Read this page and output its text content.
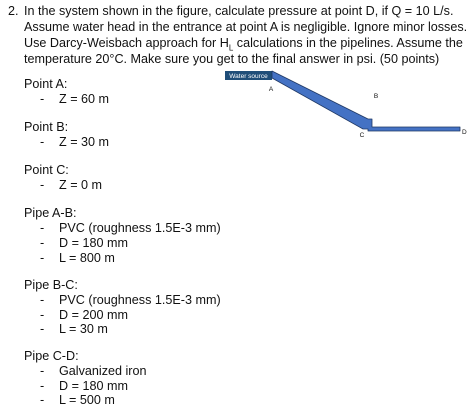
2. In the system shown in the figure, calculate pressure at point D, if Q = 10 L/s. Assume water head in the entrance at point A is negligible. Ignore minor losses. Use Darcy-Weisbach approach for $H_L$ calculations in the pipelines. Assume the temperature 20°C. Make sure you get to the final answer in psi. (50 points)
Point A:
- Z = 60 m
Point B:
- Z = 30 m
Point C:
- Z = 0 m
Pipe A-B:
- PVC (roughness 1.5E-3 mm)
- D = 180 mm
- L = 800 m
Pipe B-C:
- PVC (roughness 1.5E-3 mm)
- D = 200 mm
- L = 30 m
Pipe C-D:
- Galvanized iron
- D = 180 mm
- L = 500 m
Water source
A
B
C	D
